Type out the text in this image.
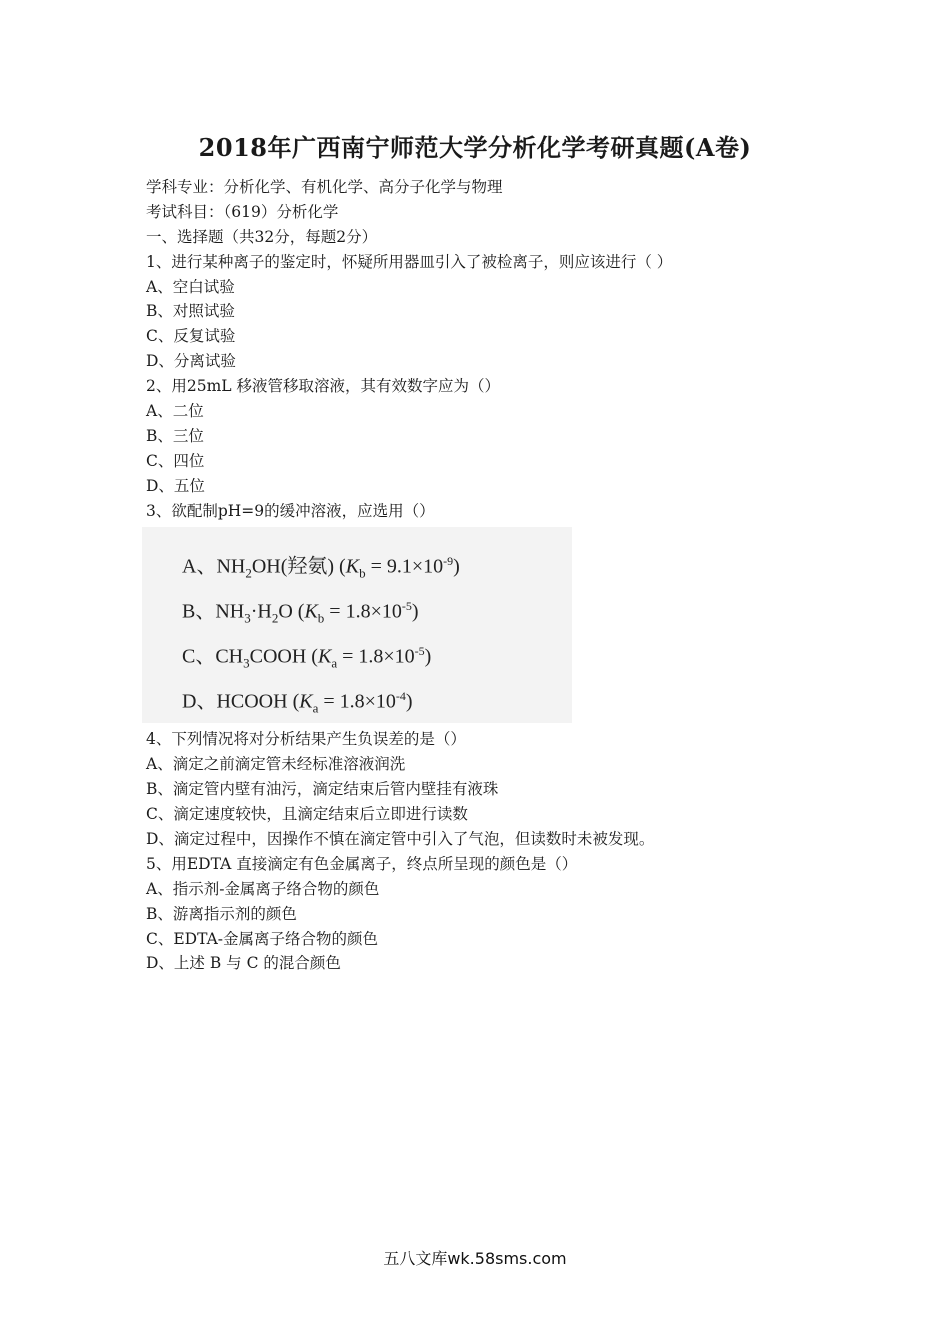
2018年广西南宁师范大学分析化学考研真题(A卷)
学科专业：分析化学、有机化学、高分子化学与物理
考试科目：（619）分析化学
一、选择题（共32分，每题2分）
1、进行某种离子的鉴定时，怀疑所用器皿引入了被检离子，则应该进行（ ）
A、空白试验
B、对照试验
C、反复试验
D、分离试验
2、用25mL 移液管移取溶液，其有效数字应为（）
A、二位
B、三位
C、四位
D、五位
3、欲配制pH=9的缓冲溶液，应选用（）
A、$NH_2OH$(羟氨) $(K_b = 9.1\times 10^{-9})$
B、$NH_3\cdot H_2O$ $(K_b = 1.8\times 10^{-5})$
C、$CH_3COOH$ $(K_a = 1.8\times 10^{-5})$
D、HCOOH $(K_a = 1.8\times 10^{-4})$
4、下列情况将对分析结果产生负误差的是（）
A、滴定之前滴定管未经标准溶液润洗
B、滴定管内壁有油污，滴定结束后管内壁挂有液珠
C、滴定速度较快，且滴定结束后立即进行读数
D、滴定过程中，因操作不慎在滴定管中引入了气泡，但读数时未被发现。
5、用EDTA 直接滴定有色金属离子，终点所呈现的颜色是（）
A、指示剂-金属离子络合物的颜色
B、游离指示剂的颜色
C、EDTA-金属离子络合物的颜色
D、上述 B 与 C 的混合颜色
五八文库wk.58sms.com
